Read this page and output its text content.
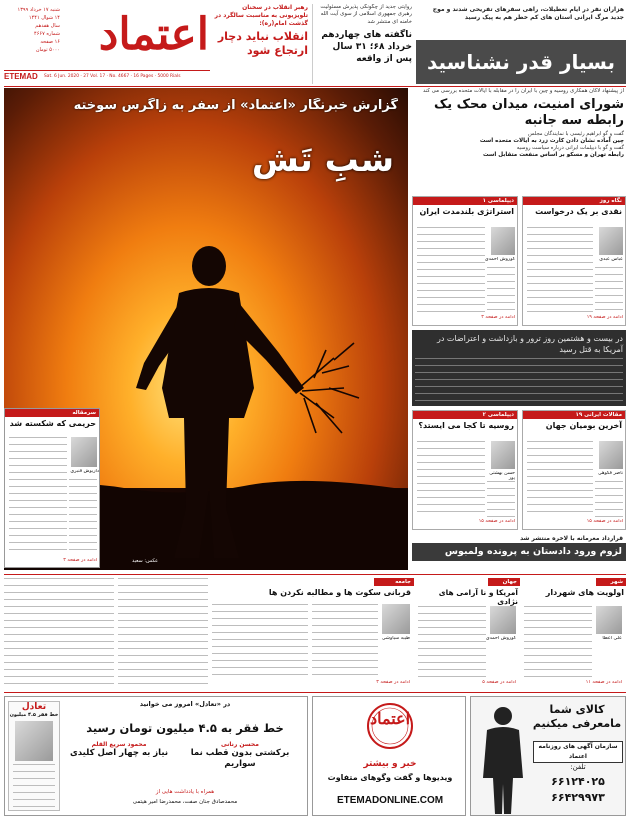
اعتماد
شنبه ۱۷ خرداد ۱۳۹۹
۱۴ شوال ۱۴۴۱
سال هفدهم
شماره ۴۶۶۷
۱۶ صفحه
۵۰۰۰ تومان
ETEMAD Sat. 6 Jun. 2020 · 27 Vol. 17 · No. 4667 · 16 Pages · 5000 Rials
رهبر انقلاب در سخنان تلویزیونی به مناسبت سالگرد در گذشت امام(ره):
انقلاب نباید دچار ارتجاع شود
روایتی جدید از چگونگی پذیرش مسئولیت رهبری جمهوری اسلامی از سوی آیت الله خامنه ای منتشر شد
ناگفته های چهاردهم خرداد ۶۸؛ ۳۱ سال پس از واقعه
هزاران نفر در ایام تعطیلات، راهی سفرهای تفریحی شدند و موج جدید مرگ ایرانی استان های کم خطر هم به پیک رسید
بسیار قدر نشناسید
گزارش خبرنگار «اعتماد» از سفر به زاگرس سوخته
شبِ تَش
عکس: سعید
سرمقاله
حریمی که شکسته شد
داریوش قنبری
ادامه در صفحه ۳
از پیشنهاد لاکان همکاری روسیه و چین با ایران را در مقابله با ایالات متحده بررسی می کند
شورای امنیت، میدان محک یک رابطه سه جانبه
گفت و گو ابراهیم رئیسی با نمایندگان مجلس
چین آماده نشان دادن کارت زرد به ایالات متحده است
گفت و گو با دیپلمات ایرانی درباره سیاست روسیه
رابطه تهران و مسکو بر اساس منفعت متقابل است
نگاه روز
نقدی بر یک درخواست
عباس عبدی
ادامه در صفحه ۱۹
دیپلماسی ۱
استراتژی بلندمدت ایران
کوروش احمدی
ادامه در صفحه ۳
در بیست و هشتمین روز ترور و بازداشت و اعتراضات در آمریکا به قتل رسید
مقالات ایرانی ۱۹
آخرین بومیان جهان
ناصر فکوهی
ادامه در صفحه ۱۵
دیپلماسی ۲
روسیه تا کجا می ایستد؟
حسن بهشتی پور
ادامه در صفحه ۱۵
قرارداد معرمانه با لاخره منتشر شد
لزوم ورود دادستان به پرونده ولمبوس
جامعه
قربانی سکوت ها و مطالبه نکردن ها
طیبه سیاوشی
ادامه در صفحه ۳
جهان
آمریکا و نا آرامی های نژادی
کوروش احمدی
ادامه در صفحه ۵
شهر
اولویت های شهردار
علی اعطا
ادامه در صفحه ۱۱
تعادل
خط فقر ۴.۵ میلیون
در «تعادل» امروز می خوانید
خط فقر به ۴.۵ میلیون تومان رسید
محسن رنانی
برکشتی بدون قطب نما سواریم
محمود سریع القلم
نیاز به چهار اصل کلیدی
همراه با یادداشت هایی از
محمدصادق جنان صفت، محمدرضا امیر هیتمی
اعتماد
خبر و بیشتر
ویدیوها و گفت وگوهای متفاوت
ETEMADONLINE.COM
کالای شما مامعرفی میکنیم
سازمان آگهی های روزنامه اعتماد
تلفن:
۶۶۱۲۴۰۲۵
۶۶۴۲۹۹۷۳
